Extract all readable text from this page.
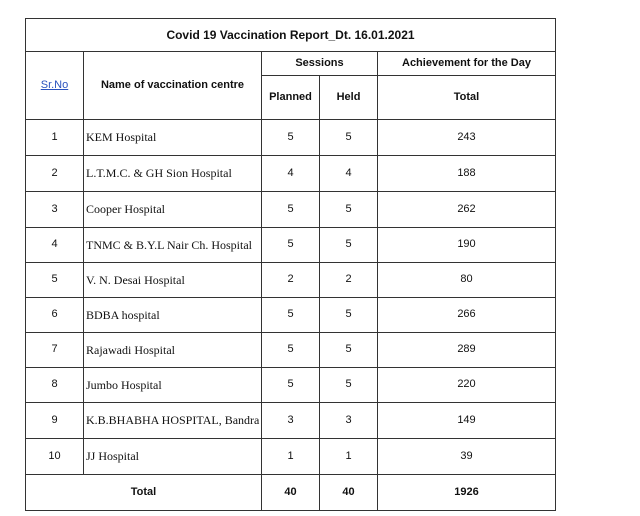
Covid 19 Vaccination Report_Dt. 16.01.2021				
Sr.No	Name of vaccination centre	Sessions		Achievement for the Day
		Planned	Held	Total
1	KEM Hospital	5	5	243
2	L.T.M.C. & GH Sion Hospital	4	4	188
3	Cooper Hospital	5	5	262
4	TNMC & B.Y.L Nair Ch. Hospital	5	5	190
5	V. N. Desai Hospital	2	2	80
6	BDBA hospital	5	5	266
7	Rajawadi Hospital	5	5	289
8	Jumbo Hospital	5	5	220
9	K.B.BHABHA HOSPITAL, Bandra	3	3	149
10	JJ Hospital	1	1	39
Total		40	40	1926
